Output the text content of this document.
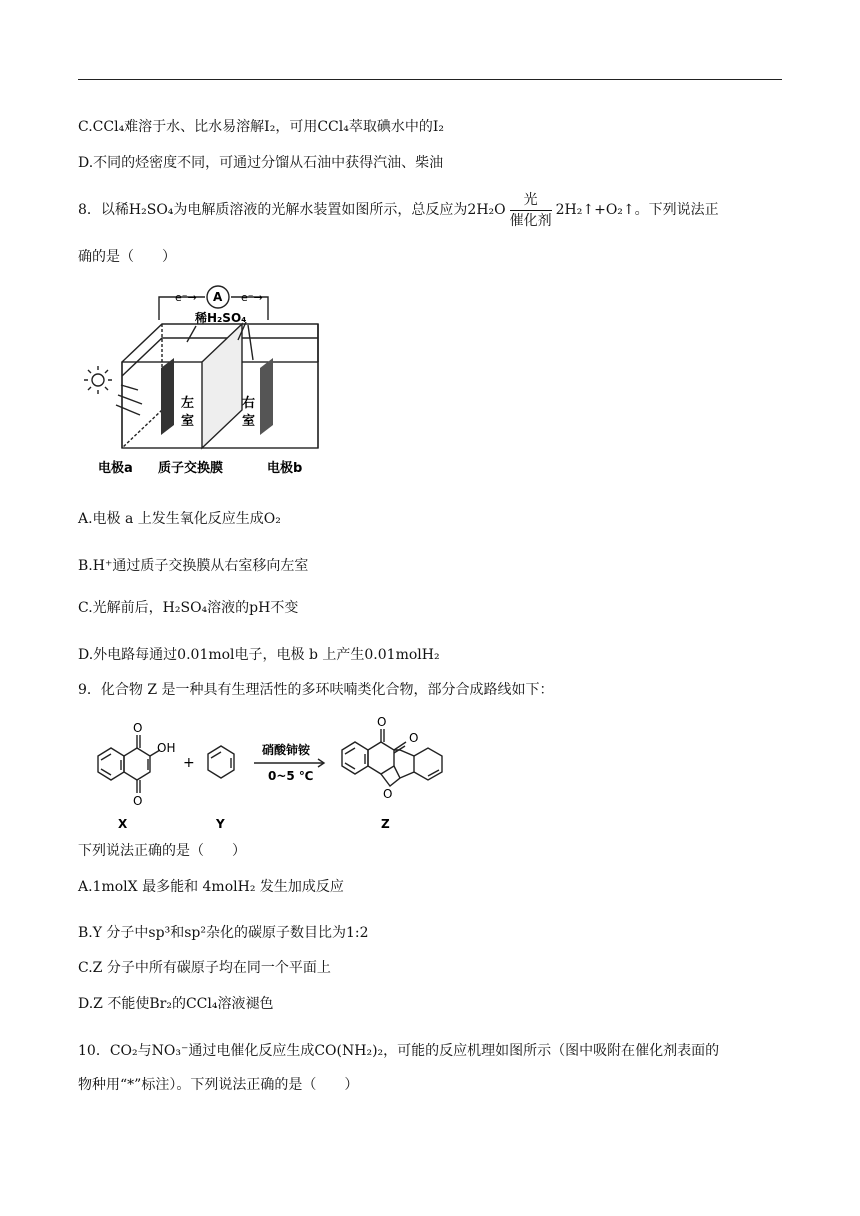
C.CCl₄难溶于水、比水易溶解I₂，可用CCl₄萃取碘水中的I₂
D.不同的烃密度不同，可通过分馏从石油中获得汽油、柴油
8．以稀H₂SO₄为电解质溶液的光解水装置如图所示，总反应为$2H_2O \frac{\text{光}}{\text{催化剂}}$ 2H₂↑+O₂↑。下列说法正
确的是（　　）
e⁻→ A e⁻→
稀H₂SO₄
左
室
右
室
电极a 质子交换膜	电极b
A.电极 a 上发生氧化反应生成O₂
B.H⁺通过质子交换膜从右室移向左室
C.光解前后，H₂SO₄溶液的pH不变
D.外电路每通过0.01mol电子，电极 b 上产生0.01molH₂
9．化合物 Z 是一种具有生理活性的多环呋喃类化合物，部分合成路线如下：
OH
O
O
+
硝酸铈铵
0~5 ℃
O
O
O
X	Y	Z
下列说法正确的是（　　）
A.1molX 最多能和 4molH₂ 发生加成反应
B.Y 分子中sp³和sp²杂化的碳原子数目比为1:2
C.Z 分子中所有碳原子均在同一个平面上
D.Z 不能使Br₂的CCl₄溶液褪色
10．CO₂与NO₃⁻通过电催化反应生成CO(NH₂)₂，可能的反应机理如图所示（图中吸附在催化剂表面的
物种用“*”标注）。下列说法正确的是（　　）
